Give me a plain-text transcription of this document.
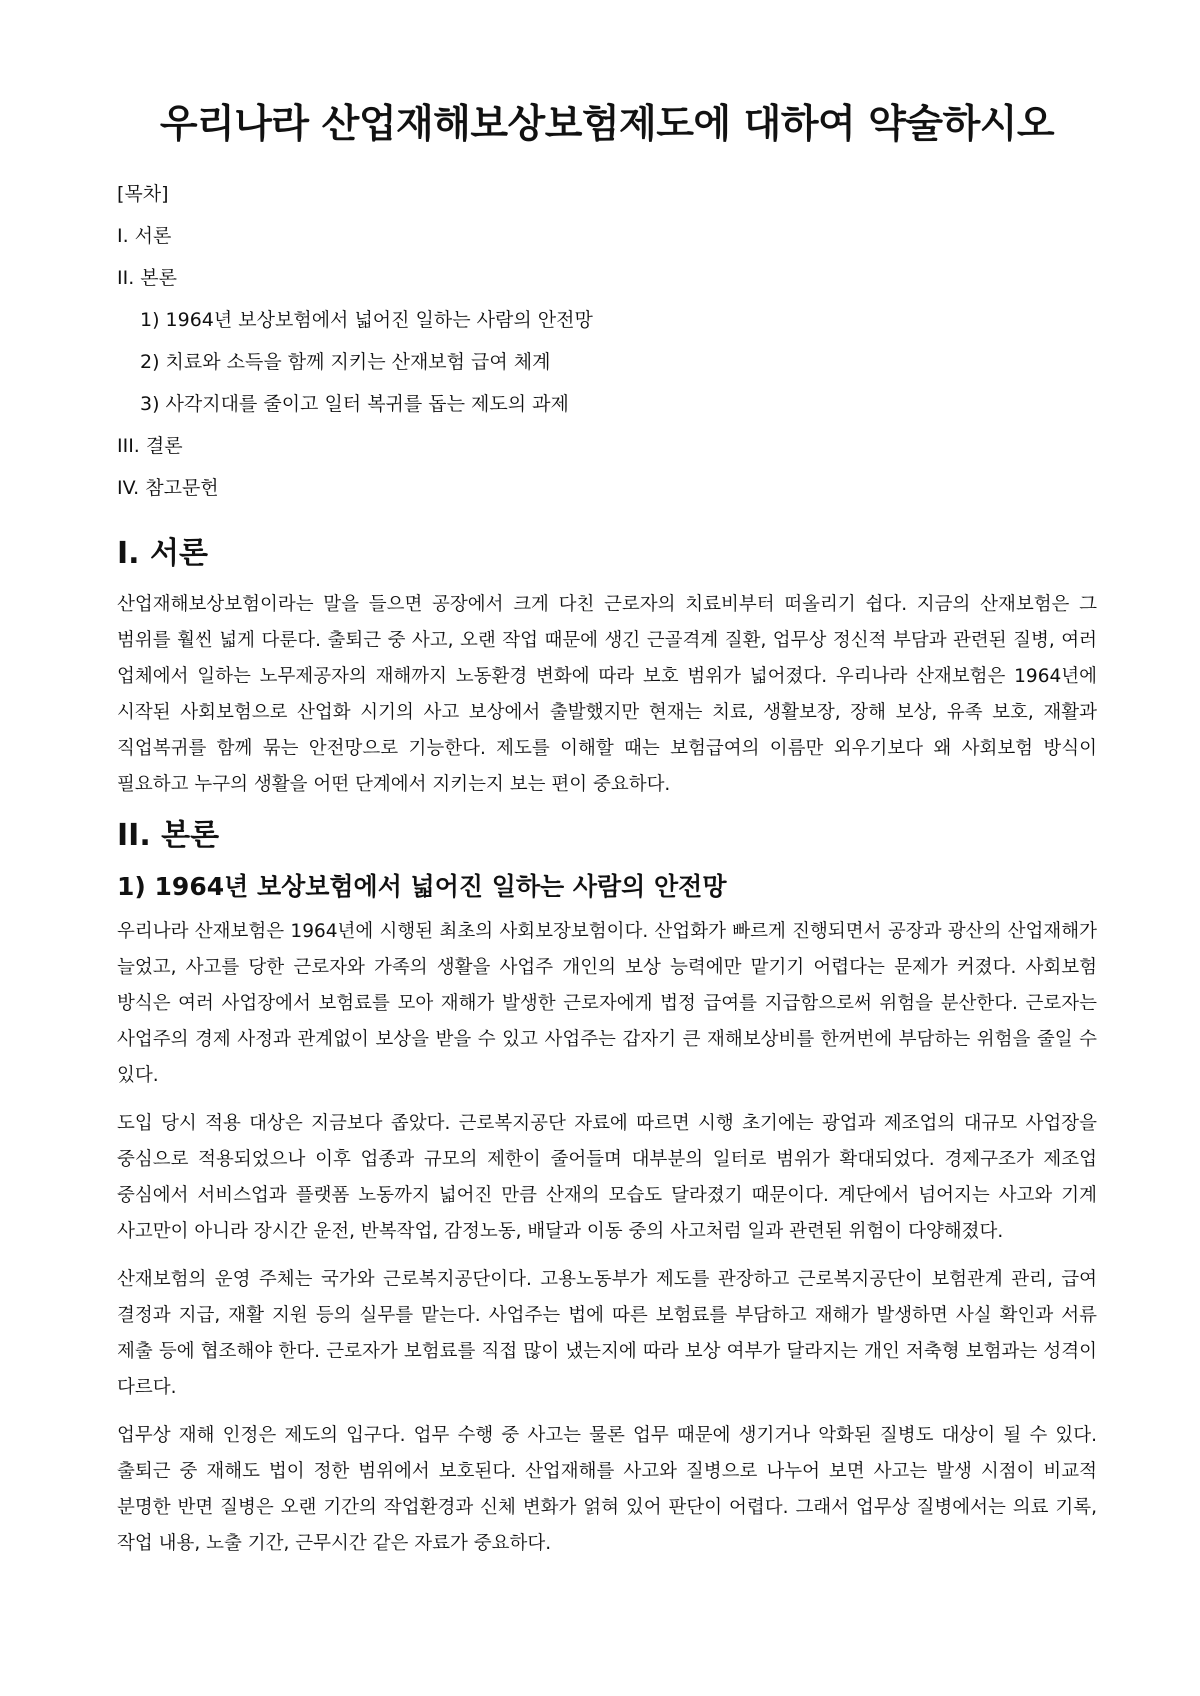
우리나라 산업재해보상보험제도에 대하여 약술하시오
[목차]
I. 서론
II. 본론
1) 1964년 보상보험에서 넓어진 일하는 사람의 안전망
2) 치료와 소득을 함께 지키는 산재보험 급여 체계
3) 사각지대를 줄이고 일터 복귀를 돕는 제도의 과제
III. 결론
IV. 참고문헌
I. 서론

산업재해보상보험이라는 말을 들으면 공장에서 크게 다친 근로자의 치료비부터 떠올리기 쉽다. 지금의 산재보험은 그 범위를 훨씬 넓게 다룬다. 출퇴근 중 사고, 오랜 작업 때문에 생긴 근골격계 질환, 업무상 정신적 부담과 관련된 질병, 여러 업체에서 일하는 노무제공자의 재해까지 노동환경 변화에 따라 보호 범위가 넓어졌다. 우리나라 산재보험은 1964년에 시작된 사회보험으로 산업화 시기의 사고 보상에서 출발했지만 현재는 치료, 생활보장, 장해 보상, 유족 보호, 재활과 직업복귀를 함께 묶는 안전망으로 기능한다. 제도를 이해할 때는 보험급여의 이름만 외우기보다 왜 사회보험 방식이 필요하고 누구의 생활을 어떤 단계에서 지키는지 보는 편이 중요하다.

II. 본론
1) 1964년 보상보험에서 넓어진 일하는 사람의 안전망

우리나라 산재보험은 1964년에 시행된 최초의 사회보장보험이다. 산업화가 빠르게 진행되면서 공장과 광산의 산업재해가 늘었고, 사고를 당한 근로자와 가족의 생활을 사업주 개인의 보상 능력에만 맡기기 어렵다는 문제가 커졌다. 사회보험 방식은 여러 사업장에서 보험료를 모아 재해가 발생한 근로자에게 법정 급여를 지급함으로써 위험을 분산한다. 근로자는 사업주의 경제 사정과 관계없이 보상을 받을 수 있고 사업주는 갑자기 큰 재해보상비를 한꺼번에 부담하는 위험을 줄일 수 있다.

도입 당시 적용 대상은 지금보다 좁았다. 근로복지공단 자료에 따르면 시행 초기에는 광업과 제조업의 대규모 사업장을 중심으로 적용되었으나 이후 업종과 규모의 제한이 줄어들며 대부분의 일터로 범위가 확대되었다. 경제구조가 제조업 중심에서 서비스업과 플랫폼 노동까지 넓어진 만큼 산재의 모습도 달라졌기 때문이다. 계단에서 넘어지는 사고와 기계 사고만이 아니라 장시간 운전, 반복작업, 감정노동, 배달과 이동 중의 사고처럼 일과 관련된 위험이 다양해졌다.

산재보험의 운영 주체는 국가와 근로복지공단이다. 고용노동부가 제도를 관장하고 근로복지공단이 보험관계 관리, 급여 결정과 지급, 재활 지원 등의 실무를 맡는다. 사업주는 법에 따른 보험료를 부담하고 재해가 발생하면 사실 확인과 서류 제출 등에 협조해야 한다. 근로자가 보험료를 직접 많이 냈는지에 따라 보상 여부가 달라지는 개인 저축형 보험과는 성격이 다르다.

업무상 재해 인정은 제도의 입구다. 업무 수행 중 사고는 물론 업무 때문에 생기거나 악화된 질병도 대상이 될 수 있다. 출퇴근 중 재해도 법이 정한 범위에서 보호된다. 산업재해를 사고와 질병으로 나누어 보면 사고는 발생 시점이 비교적 분명한 반면 질병은 오랜 기간의 작업환경과 신체 변화가 얽혀 있어 판단이 어렵다. 그래서 업무상 질병에서는 의료 기록, 작업 내용, 노출 기간, 근무시간 같은 자료가 중요하다.
